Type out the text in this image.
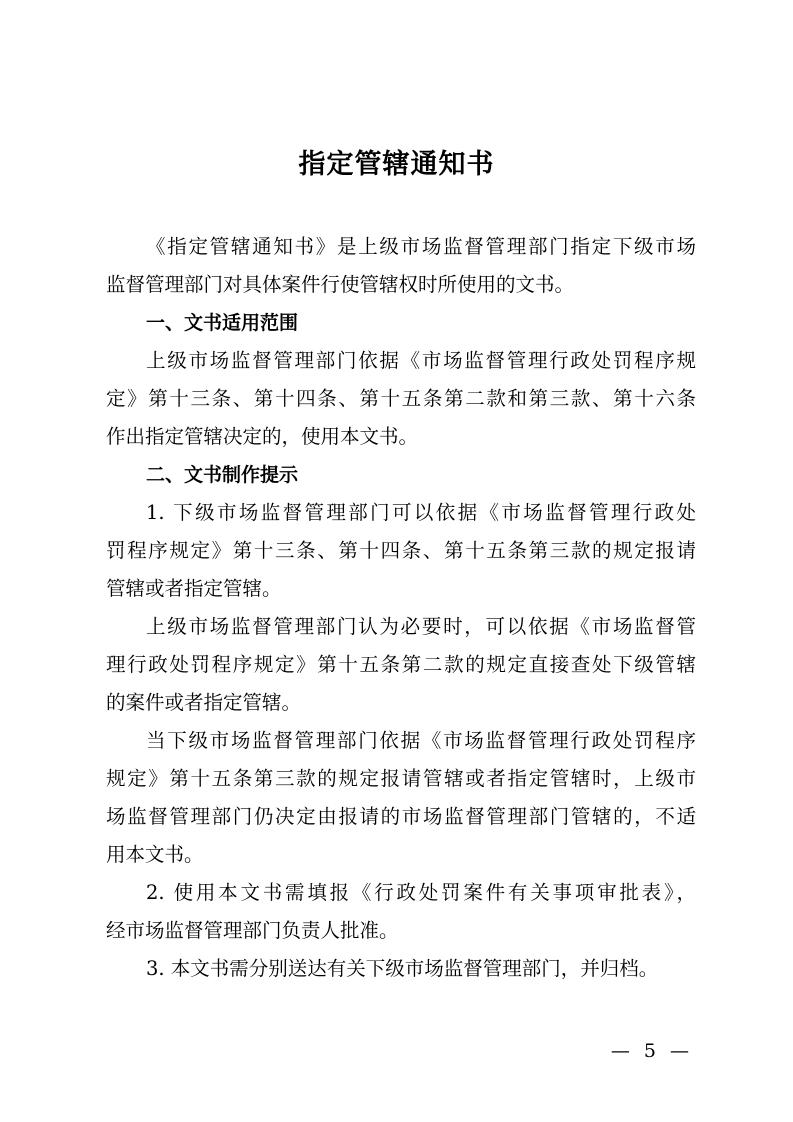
指定管辖通知书
《指定管辖通知书》是上级市场监督管理部门指定下级市场
监督管理部门对具体案件行使管辖权时所使用的文书。
一、文书适用范围
上级市场监督管理部门依据《市场监督管理行政处罚程序规
定》第十三条、第十四条、第十五条第二款和第三款、第十六条
作出指定管辖决定的，使用本文书。
二、文书制作提示
1. 下级市场监督管理部门可以依据《市场监督管理行政处
罚程序规定》第十三条、第十四条、第十五条第三款的规定报请
管辖或者指定管辖。
上级市场监督管理部门认为必要时，可以依据《市场监督管
理行政处罚程序规定》第十五条第二款的规定直接查处下级管辖
的案件或者指定管辖。
当下级市场监督管理部门依据《市场监督管理行政处罚程序
规定》第十五条第三款的规定报请管辖或者指定管辖时，上级市
场监督管理部门仍决定由报请的市场监督管理部门管辖的，不适
用本文书。
2. 使用本文书需填报《行政处罚案件有关事项审批表》，
经市场监督管理部门负责人批准。
3. 本文书需分别送达有关下级市场监督管理部门，并归档。
— 5 —
